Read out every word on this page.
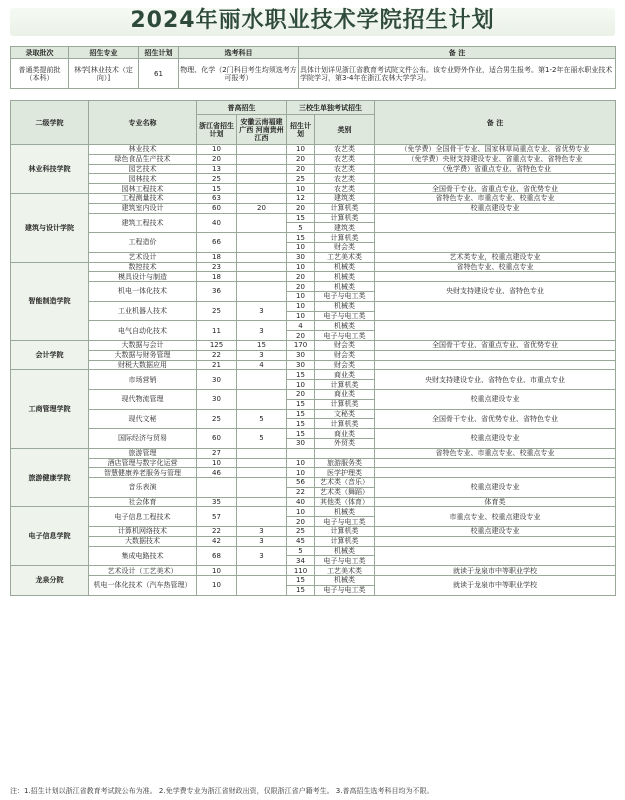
2024年丽水职业技术学院招生计划
录取批次	招生专业	招生计划	选考科目	备 注
普通类提前批（本科）	林学[林业技术（定向）]	61	物理、化学（2门科目考生均须选考方可报考）	具体计划详见浙江省教育考试院文件公布。该专业野外作业，适合男生报考。第1-2年在丽水职业技术学院学习，第3-4年在浙江农林大学学习。
二级学院	专业名称	普高招生		三校生单独考试招生		备 注
		浙江省招生计划	安徽云南福建广西 河南贵州江西	招生计划	类别	

林业科技学院	林业技术	10		10	农艺类	（免学费）全国骨干专业、国家林草局重点专业、省优势专业
	绿色食品生产技术	20		20	农艺类	（免学费）央财支持建设专业、省重点专业、省特色专业
	园艺技术	13		20	农艺类	（免学费）省重点专业、省特色专业
	园林技术	25		25	农艺类	
	园林工程技术	15		10	农艺类	全国骨干专业、省重点专业、省优势专业
建筑与设计学院	工程测量技术	63		12	建筑类	省特色专业、市重点专业、校重点专业
	建筑室内设计	60	20	20	计算机类	校重点建设专业
	建筑工程技术	40		15	计算机类	
				5	建筑类	
	工程造价	66		15	计算机类	
				10	财会类	
	艺术设计	18		30	工艺美术类	艺术类专业，校重点建设专业
智能制造学院	数控技术	23		10	机械类	省特色专业、校重点专业
	模具设计与制造	18		20	机械类	
	机电一体化技术	36		20	机械类	央财支持建设专业、省特色专业
				10	电子与电工类	
	工业机器人技术	25	3	10	机械类	
				10	电子与电工类	
	电气自动化技术	11	3	4	机械类	
				20	电子与电工类	
会计学院	大数据与会计	125	15	170	财会类	全国骨干专业、省重点专业、省优势专业
	大数据与财务管理	22	3	30	财会类	
	财税大数据应用	21	4	30	财会类	
工商管理学院	市场营销	30		15	商业类	央财支持建设专业、省特色专业、市重点专业
				10	计算机类	
	现代物流管理	30		20	商业类	校重点建设专业
				15	计算机类	
	现代文秘	25	5	15	文秘类	全国骨干专业、省优势专业、省特色专业
				15	计算机类	
	国际经济与贸易	60	5	15	商业类	校重点建设专业
				30	外贸类	
旅游健康学院	旅游管理	27				省特色专业、市重点专业、校重点专业
	酒店管理与数字化运营	10		10	旅游服务类	
	智慧健康养老服务与管理	46		10	医学护理类	
	音乐表演			56	艺术类（音乐）	校重点建设专业
				22	艺术类（舞蹈）	
	社会体育	35		40	其他类（体育）	体育类
电子信息学院	电子信息工程技术	57		10	机械类	市重点专业、校重点建设专业
				20	电子与电工类	
	计算机网络技术	22	3	25	计算机类	校重点建设专业
	大数据技术	42	3	45	计算机类	
	集成电路技术	68	3	5	机械类	
				34	电子与电工类	
龙泉分院	艺术设计（工艺美术）	10		110	工艺美术类	就读于龙泉市中等职业学校
	机电一体化技术（汽车热管理）	10		15	机械类	就读于龙泉市中等职业学校
				15	电子与电工类	
注：1.招生计划以浙江省教育考试院公布为准。 2.免学费专业为浙江省财政出资，仅限浙江省户籍考生。 3.普高招生选考科目均为不限。
